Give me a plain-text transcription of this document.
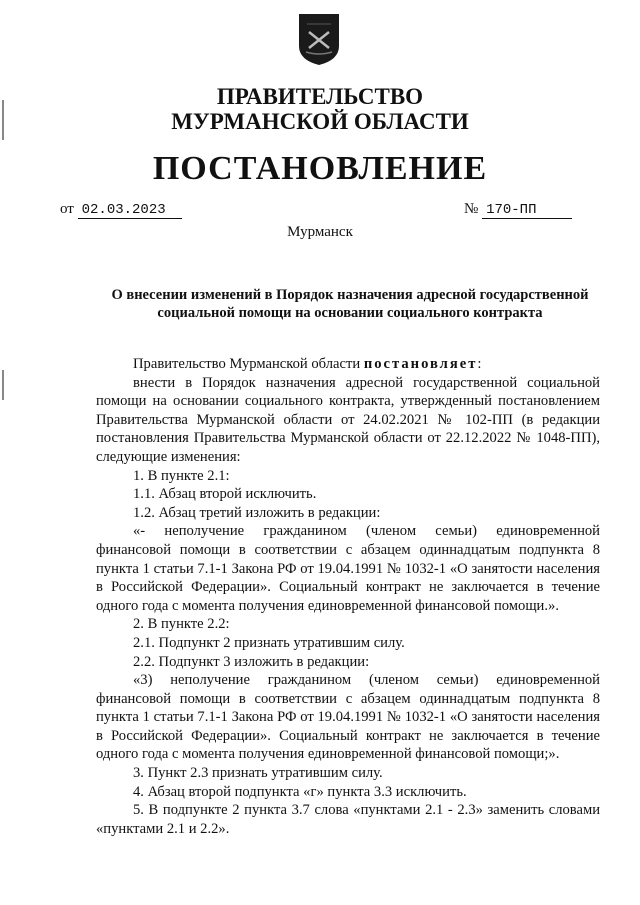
ПРАВИТЕЛЬСТВО
МУРМАНСКОЙ ОБЛАСТИ
ПОСТАНОВЛЕНИЕ
от 02.03.2023	№ 170-ПП
Мурманск
О внесении изменений в Порядок назначения адресной государственной
социальной помощи на основании социального контракта

Правительство Мурманской области постановляет:

внести в Порядок назначения адресной государственной социальной помощи на основании социального контракта, утвержденный постановлением Правительства Мурманской области от 24.02.2021 № 102-ПП (в редакции постановления Правительства Мурманской области от 22.12.2022 № 1048-ПП), следующие изменения:

1. В пункте 2.1:

1.1. Абзац второй исключить.

1.2. Абзац третий изложить в редакции:

«- неполучение гражданином (членом семьи) единовременной финансовой помощи в соответствии с абзацем одиннадцатым подпункта 8 пункта 1 статьи 7.1-1 Закона РФ от 19.04.1991 № 1032-1 «О занятости населения в Российской Федерации». Социальный контракт не заключается в течение одного года с момента получения единовременной финансовой помощи.».

2. В пункте 2.2:

2.1. Подпункт 2 признать утратившим силу.

2.2. Подпункт 3 изложить в редакции:

«3) неполучение гражданином (членом семьи) единовременной финансовой помощи в соответствии с абзацем одиннадцатым подпункта 8 пункта 1 статьи 7.1-1 Закона РФ от 19.04.1991 № 1032-1 «О занятости населения в Российской Федерации». Социальный контракт не заключается в течение одного года с момента получения единовременной финансовой помощи;».

3. Пункт 2.3 признать утратившим силу.

4. Абзац второй подпункта «г» пункта 3.3 исключить.

5. В подпункте 2 пункта 3.7 слова «пунктами 2.1 - 2.3» заменить словами «пунктами 2.1 и 2.2».
